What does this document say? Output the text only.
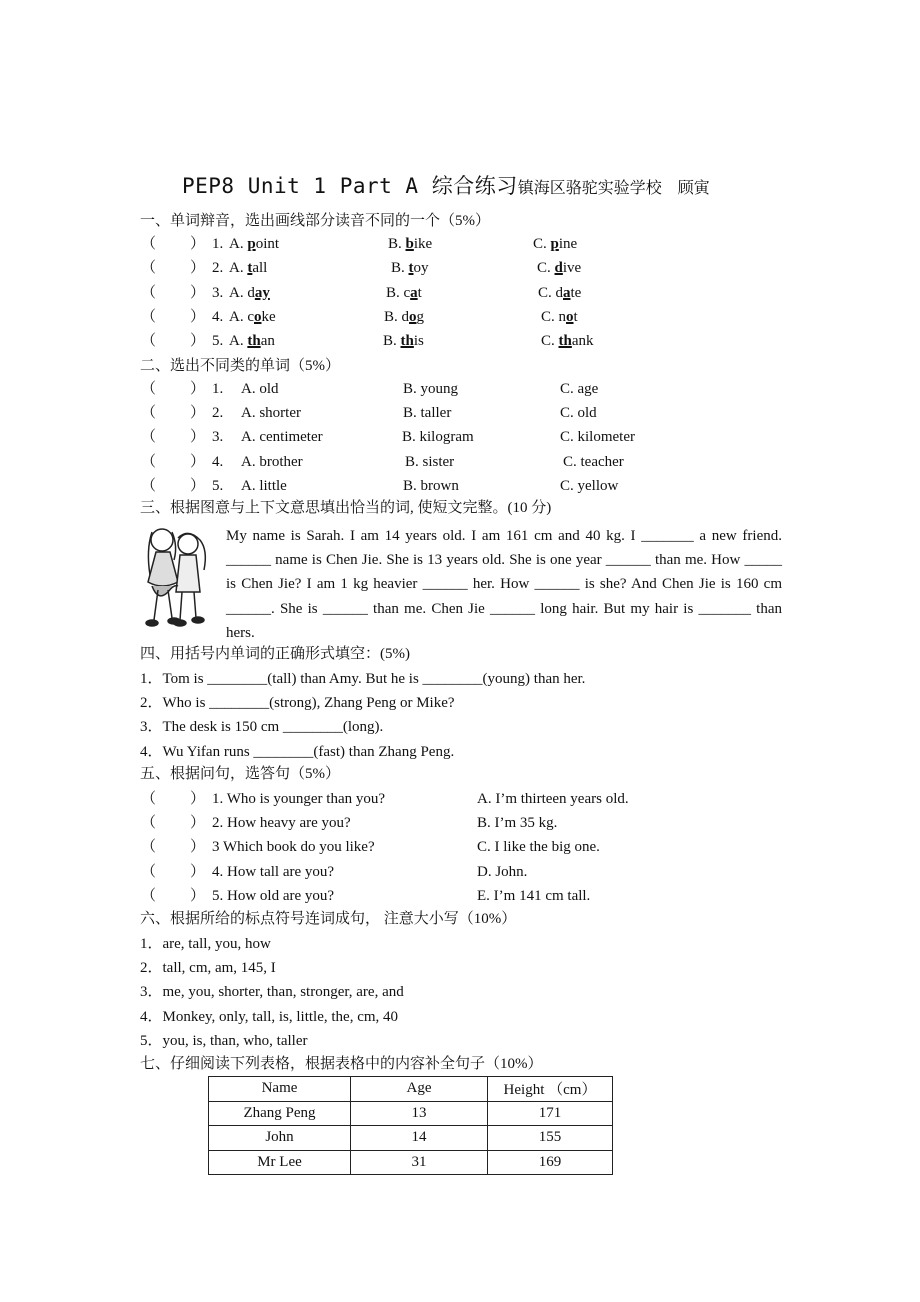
PEP8 Unit 1 Part A 综合练习镇海区骆驼实验学校 顾寅
一、单词辩音，选出画线部分读音不同的一个（5%）
（ ） 1. A. point	B. bike	C. pine
（ ） 2. A. tall	B. toy	C. dive
（ ） 3. A. day	B. cat	C. date
（ ） 4. A. coke	B. dog	C. not
（ ） 5. A. than	B. this	C. thank
二、选出不同类的单词（5%）
（ ） 1. A. old	B. young	C. age
（ ） 2. A. shorter	B. taller	C. old
（ ） 3. A. centimeter	B. kilogram	C. kilometer
（ ） 4. A. brother	B. sister	C. teacher
（ ） 5. A. little	B. brown	C. yellow
三、根据图意与上下文意思填出恰当的词, 使短文完整。(10 分)
My name is Sarah. I am 14 years old. I am 161 cm and 40 kg. I _______ a new friend. ______ name is Chen Jie. She is 13 years old. She is one year ______ than me. How _____ is Chen Jie? I am 1 kg heavier ______ her. How ______ is she? And Chen Jie is 160 cm ______. She is ______ than me. Chen Jie ______ long hair. But my hair is _______ than hers.
四、用括号内单词的正确形式填空：(5%)
1．Tom is ________(tall) than Amy. But he is ________(young) than her.
2．Who is ________(strong), Zhang Peng or Mike?
3．The desk is 150 cm ________(long).
4．Wu Yifan runs ________(fast) than Zhang Peng.
五、根据问句，选答句（5%）
（ ） 1. Who is younger than you?	A. I’m thirteen years old.
（ ） 2. How heavy are you?	B. I’m 35 kg.
（ ） 3 Which book do you like?	C. I like the big one.
（ ） 4. How tall are you?	D. John.
（ ） 5. How old are you?	E. I’m 141 cm tall.
六、根据所给的标点符号连词成句， 注意大小写（10%）
1．are, tall, you, how
2．tall, cm, am, 145, I
3．me, you, shorter, than, stronger, are, and
4．Monkey, only, tall, is, little, the, cm, 40
5．you, is, than, who, taller
七、仔细阅读下列表格，根据表格中的内容补全句子（10%）
Name	Age	Height （cm）
Zhang Peng	13	171
John	14	155
Mr Lee	31	169
